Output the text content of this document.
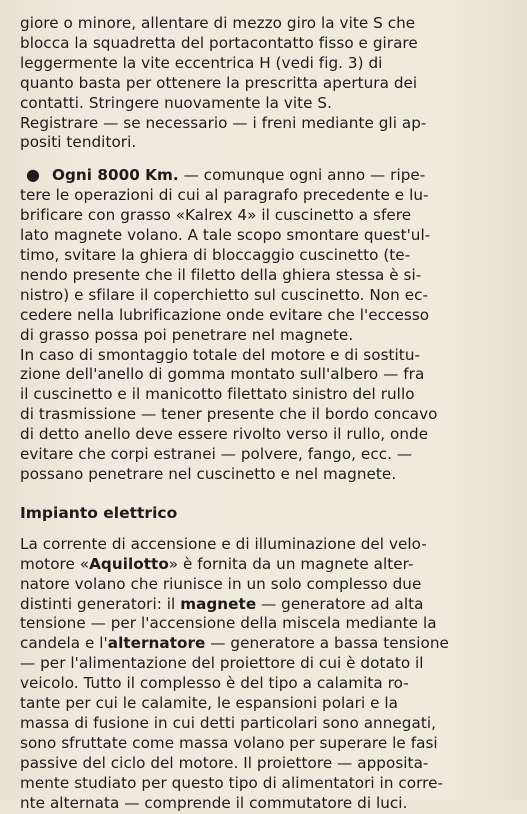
giore o minore, allentare di mezzo giro la vite S che
blocca la squadretta del portacontatto fisso e girare
leggermente la vite eccentrica H (vedi fig. 3) di
quanto basta per ottenere la prescritta apertura dei
contatti. Stringere nuovamente la vite S.
Registrare — se necessario — i freni mediante gli ap-
positi tenditori.

● Ogni 8000 Km. — comunque ogni anno — ripe-
tere le operazioni di cui al paragrafo precedente e lu-
brificare con grasso «Kalrex 4» il cuscinetto a sfere
lato magnete volano. A tale scopo smontare quest'ul-
timo, svitare la ghiera di bloccaggio cuscinetto (te-
nendo presente che il filetto della ghiera stessa è si-
nistro) e sfilare il coperchietto sul cuscinetto. Non ec-
cedere nella lubrificazione onde evitare che l'eccesso
di grasso possa poi penetrare nel magnete.
In caso di smontaggio totale del motore e di sostitu-
zione dell'anello di gomma montato sull'albero — fra
il cuscinetto e il manicotto filettato sinistro del rullo
di trasmissione — tener presente che il bordo concavo
di detto anello deve essere rivolto verso il rullo, onde
evitare che corpi estranei — polvere, fango, ecc. —
possano penetrare nel cuscinetto e nel magnete.

Impianto elettrico

La corrente di accensione e di illuminazione del velo-
motore «Aquilotto» è fornita da un magnete alter-
natore volano che riunisce in un solo complesso due
distinti generatori: il magnete — generatore ad alta
tensione — per l'accensione della miscela mediante la
candela e l'alternatore — generatore a bassa tensione
— per l'alimentazione del proiettore di cui è dotato il
veicolo. Tutto il complesso è del tipo a calamita ro-
tante per cui le calamite, le espansioni polari e la
massa di fusione in cui detti particolari sono annegati,
sono sfruttate come massa volano per superare le fasi
passive del ciclo del motore. Il proiettore — apposita-
mente studiato per questo tipo di alimentatori in corre-
nte alternata — comprende il commutatore di luci.
